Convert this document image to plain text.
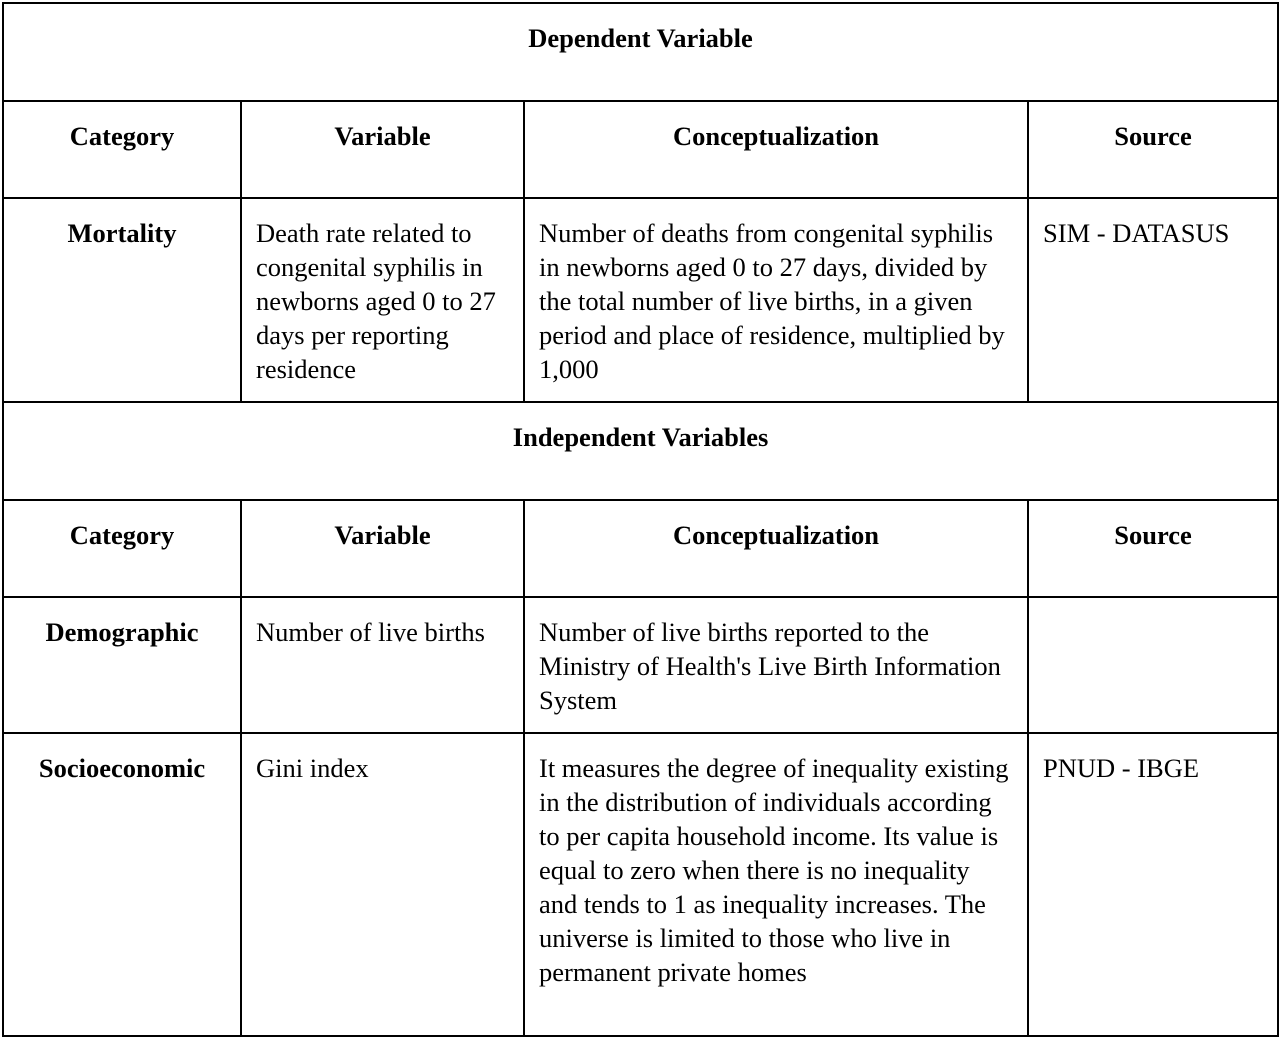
Dependent Variable			
Category	Variable	Conceptualization	Source
Mortality	Death rate related to congenital syphilis in newborns aged 0 to 27 days per reporting residence	Number of deaths from congenital syphilis in newborns aged 0 to 27 days, divided by the total number of live births, in a given period and place of residence, multiplied by 1,000	SIM - DATASUS
Independent Variables			
Category	Variable	Conceptualization	Source
Demographic	Number of live births	Number of live births reported to the Ministry of Health's Live Birth Information System	
Socioeconomic	Gini index	It measures the degree of inequality existing in the distribution of individuals according to per capita household income. Its value is equal to zero when there is no inequality and tends to 1 as inequality increases. The universe is limited to those who live in permanent private homes	PNUD - IBGE
